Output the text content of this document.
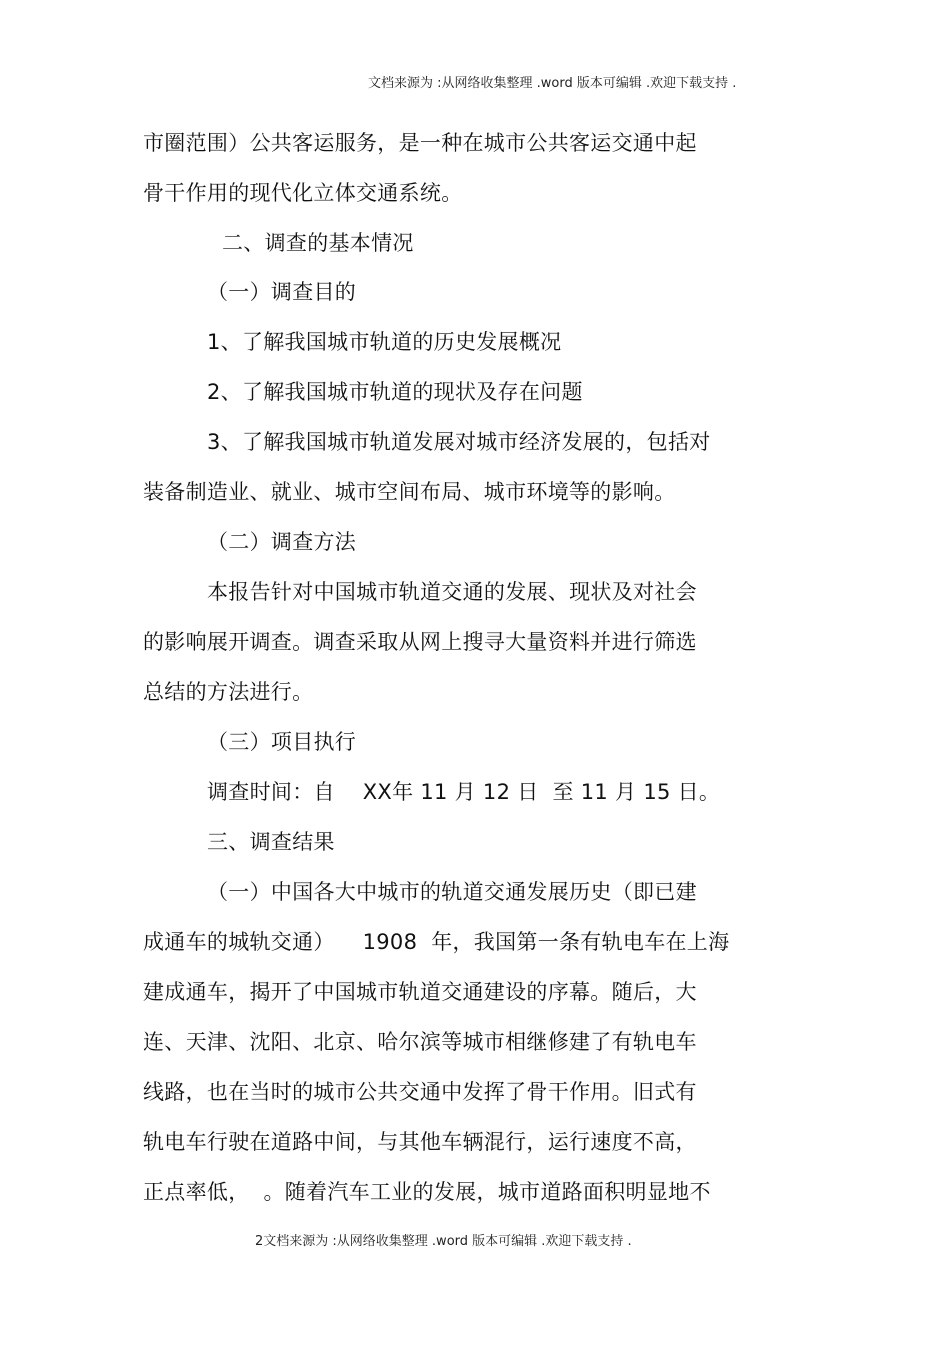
文档来源为 :从网络收集整理 .word 版本可编辑 .欢迎下载支持 .
市圈范围）公共客运服务，是一种在城市公共客运交通中起
骨干作用的现代化立体交通系统。
二、调查的基本情况
（一）调查目的
1、了解我国城市轨道的历史发展概况
2、了解我国城市轨道的现状及存在问题
3、了解我国城市轨道发展对城市经济发展的，包括对
装备制造业、就业、城市空间布局、城市环境等的影响。
（二）调查方法
本报告针对中国城市轨道交通的发展、现状及对社会
的影响展开调查。调查采取从网上搜寻大量资料并进行筛选
总结的方法进行。
（三）项目执行
调查时间：自    XX年 11 月 12 日  至 11 月 15 日。
三、调查结果
（一）中国各大中城市的轨道交通发展历史（即已建
成通车的城轨交通）    1908  年，我国第一条有轨电车在上海
建成通车，揭开了中国城市轨道交通建设的序幕。随后，大
连、天津、沈阳、北京、哈尔滨等城市相继修建了有轨电车
线路，也在当时的城市公共交通中发挥了骨干作用。旧式有
轨电车行驶在道路中间，与其他车辆混行，运行速度不高，
正点率低，  。随着汽车工业的发展，城市道路面积明显地不
2文档来源为 :从网络收集整理 .word 版本可编辑 .欢迎下载支持 .
